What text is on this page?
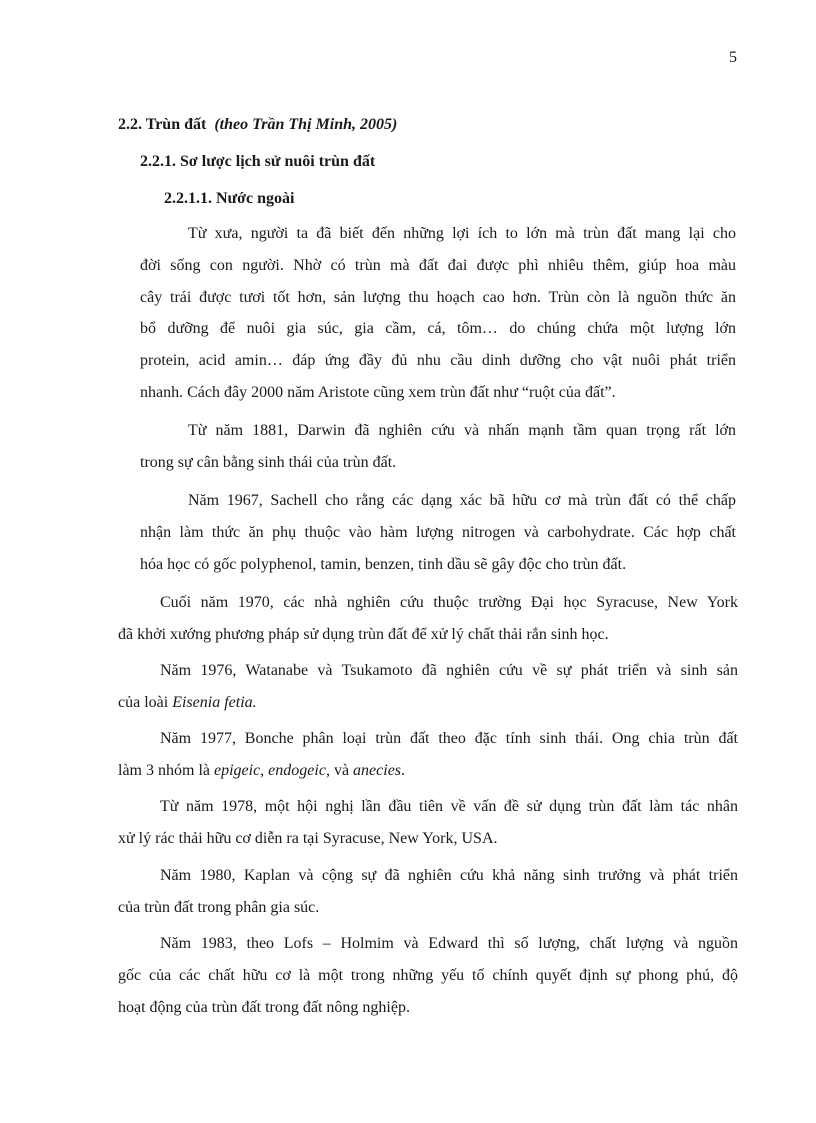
5
2.2. Trùn đất (theo Trần Thị Minh, 2005)
2.2.1. Sơ lược lịch sử nuôi trùn đất
2.2.1.1. Nước ngoài
Từ xưa, người ta đã biết đến những lợi ích to lớn mà trùn đất mang lại cho
đời sống con người. Nhờ có trùn mà đất đai được phì nhiêu thêm, giúp hoa màu
cây trái được tươi tốt hơn, sản lượng thu hoạch cao hơn. Trùn còn là nguồn thức ăn
bổ dưỡng để nuôi gia súc, gia cầm, cá, tôm… do chúng chứa một lượng lớn
protein, acid amin… đáp ứng đầy đủ nhu cầu dinh dưỡng cho vật nuôi phát triển
nhanh. Cách đây 2000 năm Aristote cũng xem trùn đất như “ruột của đất”.
Từ năm 1881, Darwin đã nghiên cứu và nhấn mạnh tầm quan trọng rất lớn
trong sự cân bằng sinh thái của trùn đất.
Năm 1967, Sachell cho rằng các dạng xác bã hữu cơ mà trùn đất có thể chấp
nhận làm thức ăn phụ thuộc vào hàm lượng nitrogen và carbohydrate. Các hợp chất
hóa học có gốc polyphenol, tamin, benzen, tinh dầu sẽ gây độc cho trùn đất.
Cuối năm 1970, các nhà nghiên cứu thuộc trường Đại học Syracuse, New York
đã khởi xướng phương pháp sử dụng trùn đất để xử lý chất thải rắn sinh học.
Năm 1976, Watanabe và Tsukamoto đã nghiên cứu về sự phát triển và sinh sản
của loài Eisenia fetia.
Năm 1977, Bonche phân loại trùn đất theo đặc tính sinh thái. Ong chia trùn đất
làm 3 nhóm là epigeic, endogeic, và anecies.
Từ năm 1978, một hội nghị lần đầu tiên về vấn đề sử dụng trùn đất làm tác nhân
xử lý rác thải hữu cơ diễn ra tại Syracuse, New York, USA.
Năm 1980, Kaplan và cộng sự đã nghiên cứu khả năng sinh trưởng và phát triển
của trùn đất trong phân gia súc.
Năm 1983, theo Lofs – Holmim và Edward thì số lượng, chất lượng và nguồn
gốc của các chất hữu cơ là một trong những yếu tố chính quyết định sự phong phú, độ
hoạt động của trùn đất trong đất nông nghiệp.
